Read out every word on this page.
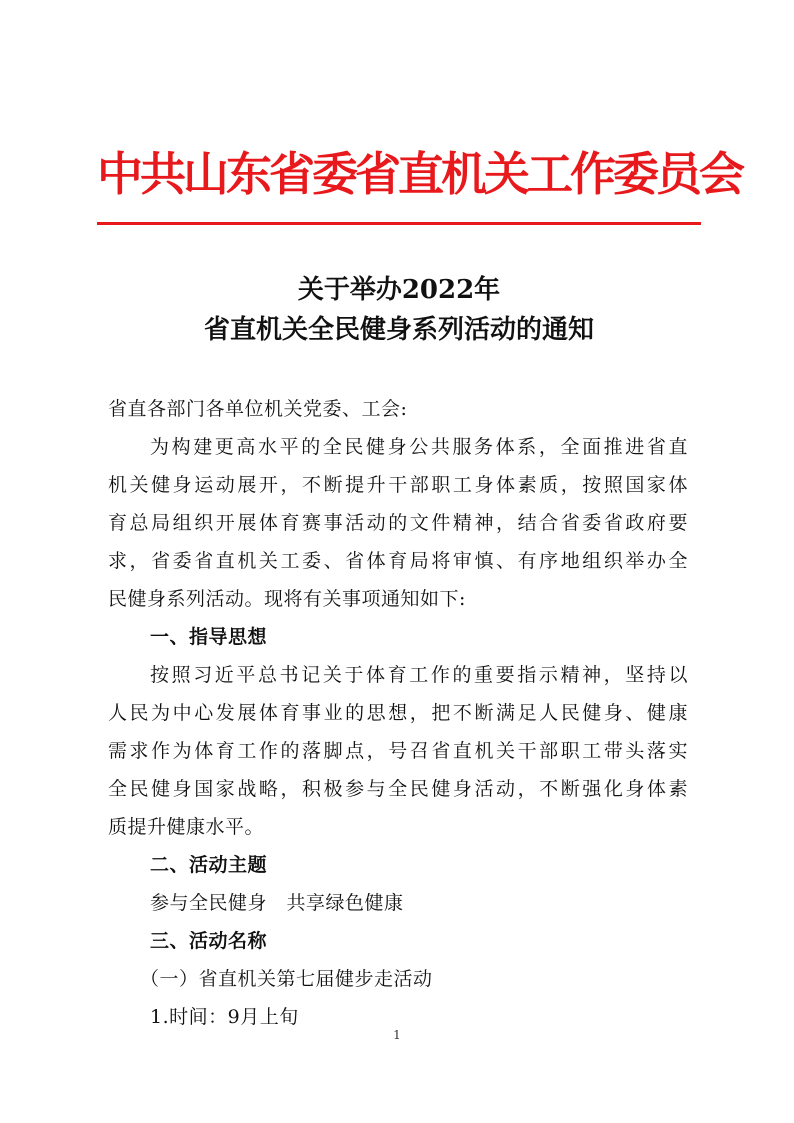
中共山东省委省直机关工作委员会
关于举办2022年
省直机关全民健身系列活动的通知
省直各部门各单位机关党委、工会:
为构建更高水平的全民健身公共服务体系，全面推进省直
机关健身运动展开，不断提升干部职工身体素质，按照国家体
育总局组织开展体育赛事活动的文件精神，结合省委省政府要
求，省委省直机关工委、省体育局将审慎、有序地组织举办全
民健身系列活动。现将有关事项通知如下:
一、指导思想
按照习近平总书记关于体育工作的重要指示精神，坚持以
人民为中心发展体育事业的思想，把不断满足人民健身、健康
需求作为体育工作的落脚点，号召省直机关干部职工带头落实
全民健身国家战略，积极参与全民健身活动，不断强化身体素
质提升健康水平。
二、活动主题
参与全民健身　共享绿色健康
三、活动名称
（一）省直机关第七届健步走活动
1.时间：9月上旬
1
